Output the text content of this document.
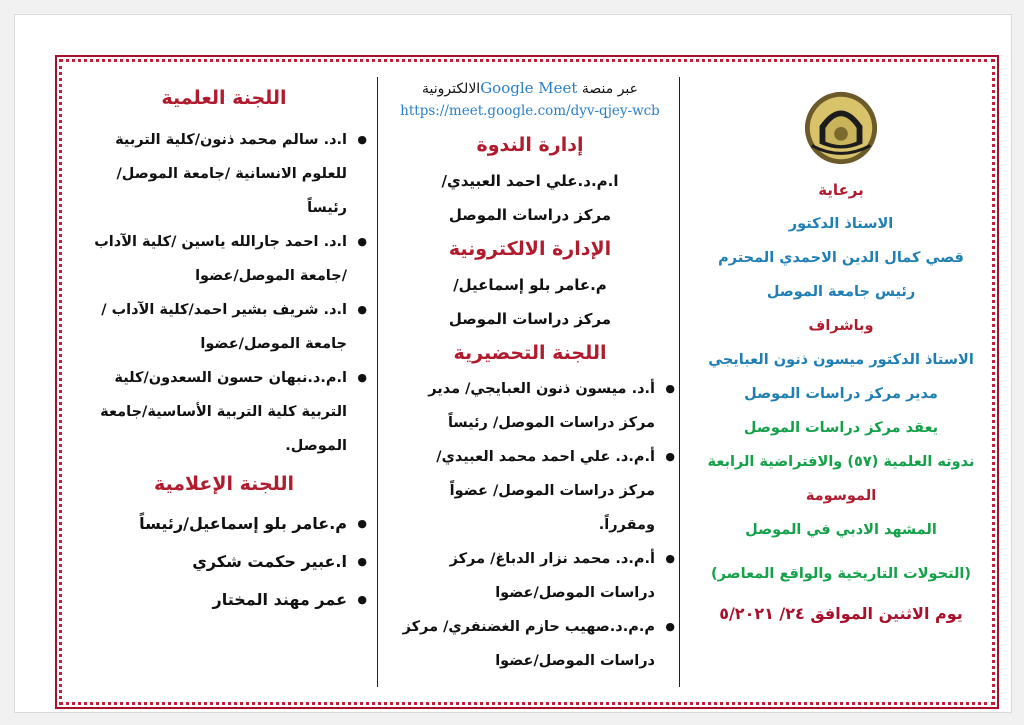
برعاية
الاستاذ الدكتور
قصي كمال الدين الاحمدي المحترم
رئيس جامعة الموصل
وباشراف
الاستاذ الدكتور ميسون ذنون العبايجي
مدير مركز دراسات الموصل
يعقد مركز دراسات الموصل
ندوته العلمية (٥٧) والافتراضية الرابعة
الموسومة
المشهد الادبي في الموصل
(التحولات التاريخية والواقع المعاصر)
يوم الاثنين الموافق ٢٤/ ٥/٢٠٢١
عبر منصة Google Meetالالكترونية
https://meet.google.com/dyv-qjey-wcb
إدارة الندوة
ا.م.د.علي احمد العبيدي/
مركز دراسات الموصل
الإدارة الالكترونية
م.عامر بلو إسماعيل/
مركز دراسات الموصل
اللجنة التحضيرية
● أ.د. ميسون ذنون العبايجي/ مدير مركز دراسات الموصل/ رئيساً
● أ.م.د. علي احمد محمد العبيدي/ مركز دراسات الموصل/ عضواً ومقرراً.
● أ.م.د. محمد نزار الدباغ/ مركز دراسات الموصل/عضوا
● م.م.د.صهيب حازم الغضنفري/ مركز دراسات الموصل/عضوا
اللجنة العلمية
● ا.د. سالم محمد ذنون/كلية التربية للعلوم الانسانية /جامعة الموصل/ رئيساً
● ا.د. احمد جارالله ياسين /كلية الآداب /جامعة الموصل/عضوا
● ا.د. شريف بشير احمد/كلية الآداب /جامعة الموصل/عضوا
● ا.م.د.نبهان حسون السعدون/كلية التربية كلية التربية الأساسية/جامعة الموصل.
اللجنة الإعلامية
● م.عامر بلو إسماعيل/رئيساً
● ا.عبير حكمت شكري
● عمر مهند المختار
